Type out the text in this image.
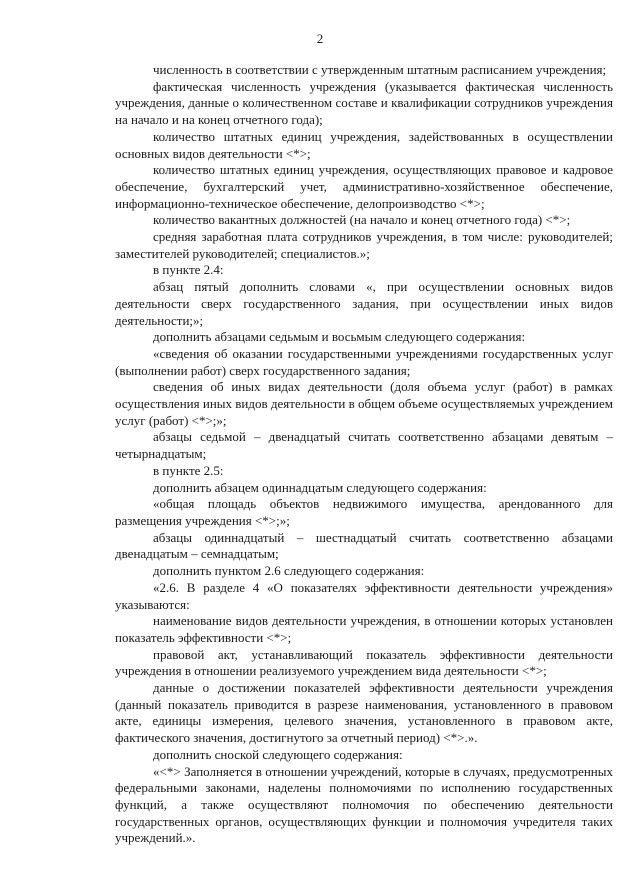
2

численность в соответствии с утвержденным штатным расписанием учреждения;

фактическая численность учреждения (указывается фактическая численность учреждения, данные о количественном составе и квалификации сотрудников учреждения на начало и на конец отчетного года);

количество штатных единиц учреждения, задействованных в осуществлении основных видов деятельности <*>;

количество штатных единиц учреждения, осуществляющих правовое и кадровое обеспечение, бухгалтерский учет, административно-хозяйственное обеспечение, информационно-техническое обеспечение, делопроизводство <*>;

количество вакантных должностей (на начало и конец отчетного года) <*>;

средняя заработная плата сотрудников учреждения, в том числе: руководителей; заместителей руководителей; специалистов.»;

в пункте 2.4:

абзац пятый дополнить словами «, при осуществлении основных видов деятельности сверх государственного задания, при осуществлении иных видов деятельности;»;

дополнить абзацами седьмым и восьмым следующего содержания:

«сведения об оказании государственными учреждениями государственных услуг (выполнении работ) сверх государственного задания;

сведения об иных видах деятельности (доля объема услуг (работ) в рамках осуществления иных видов деятельности в общем объеме осуществляемых учреждением услуг (работ) <*>;»;

абзацы седьмой – двенадцатый считать соответственно абзацами девятым – четырнадцатым;

в пункте 2.5:

дополнить абзацем одиннадцатым следующего содержания:

«общая площадь объектов недвижимого имущества, арендованного для размещения учреждения <*>;»;

абзацы одиннадцатый – шестнадцатый считать соответственно абзацами двенадцатым – семнадцатым;

дополнить пунктом 2.6 следующего содержания:

«2.6. В разделе 4 «О показателях эффективности деятельности учреждения» указываются:

наименование видов деятельности учреждения, в отношении которых установлен показатель эффективности <*>;

правовой акт, устанавливающий показатель эффективности деятельности учреждения в отношении реализуемого учреждением вида деятельности <*>;

данные о достижении показателей эффективности деятельности учреждения (данный показатель приводится в разрезе наименования, установленного в правовом акте, единицы измерения, целевого значения, установленного в правовом акте, фактического значения, достигнутого за отчетный период) <*>.».

дополнить сноской следующего содержания:

«<*> Заполняется в отношении учреждений, которые в случаях, предусмотренных федеральными законами, наделены полномочиями по исполнению государственных функций, а также осуществляют полномочия по обеспечению деятельности государственных органов, осуществляющих функции и полномочия учредителя таких учреждений.».
